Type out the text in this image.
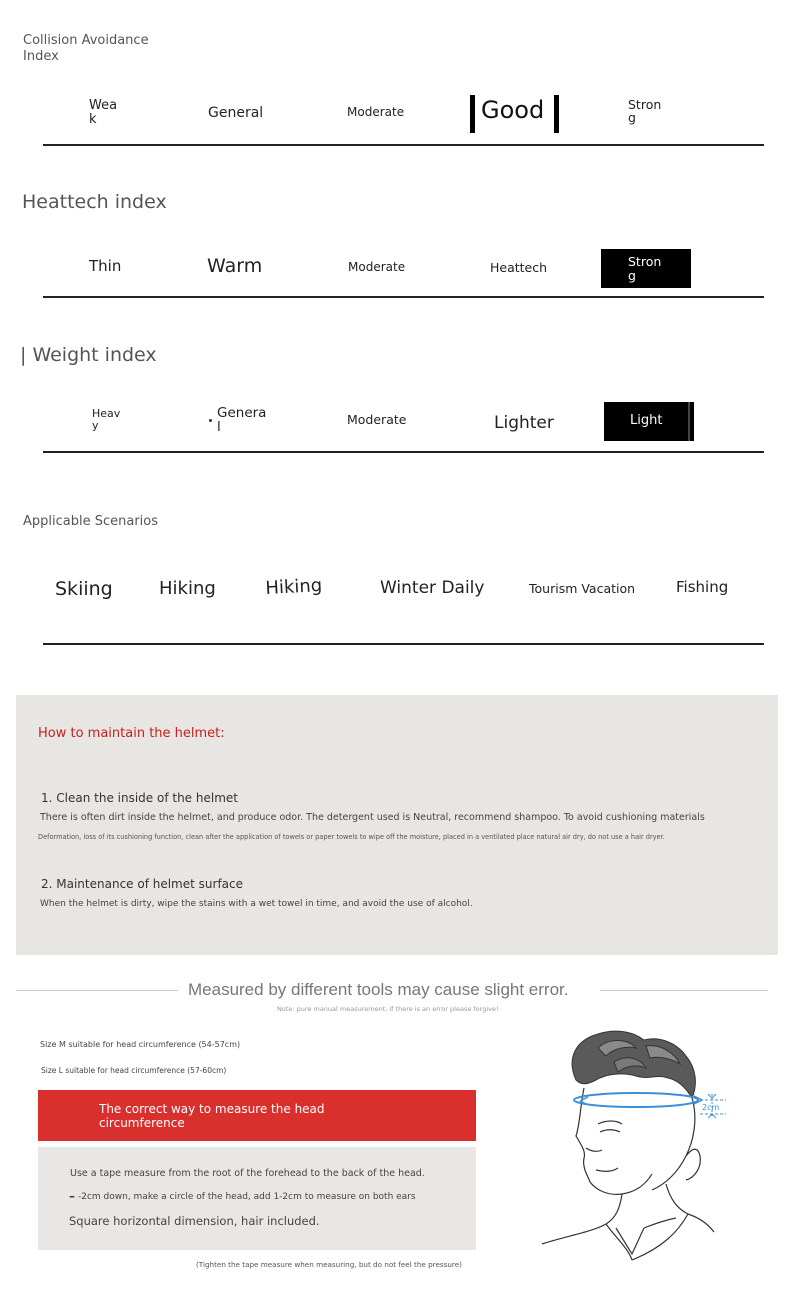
Collision Avoidance
Index
Wea
k	General	Moderate	Good	Stron
g
Heattech index
Thin	Warm	Moderate	Heattech	Stron
g
| Weight index
Heav
y
Genera
l	Moderate	Lighter	Light
Applicable Scenarios
Skiing	Hiking	Hiking	Winter Daily	Tourism Vacation	Fishing
How to maintain the helmet:
1. Clean the inside of the helmet
There is often dirt inside the helmet, and produce odor. The detergent used is Neutral, recommend shampoo. To avoid cushioning materials
Deformation, loss of its cushioning function, clean after the application of towels or paper towels to wipe off the moisture, placed in a ventilated place natural air dry, do not use a hair dryer.
2. Maintenance of helmet surface
When the helmet is dirty, wipe the stains with a wet towel in time, and avoid the use of alcohol.
Measured by different tools may cause slight error.
Note: pure manual measurement, if there is an error please forgive!
Size M suitable for head circumference (54-57cm)
Size L suitable for head circumference (57-60cm)
The correct way to measure the head circumference
Use a tape measure from the root of the forehead to the back of the head.
– -2cm down, make a circle of the head, add 1-2cm to measure on both ears
Square horizontal dimension, hair included.
(Tighten the tape measure when measuring, but do not feel the pressure)
2cm
